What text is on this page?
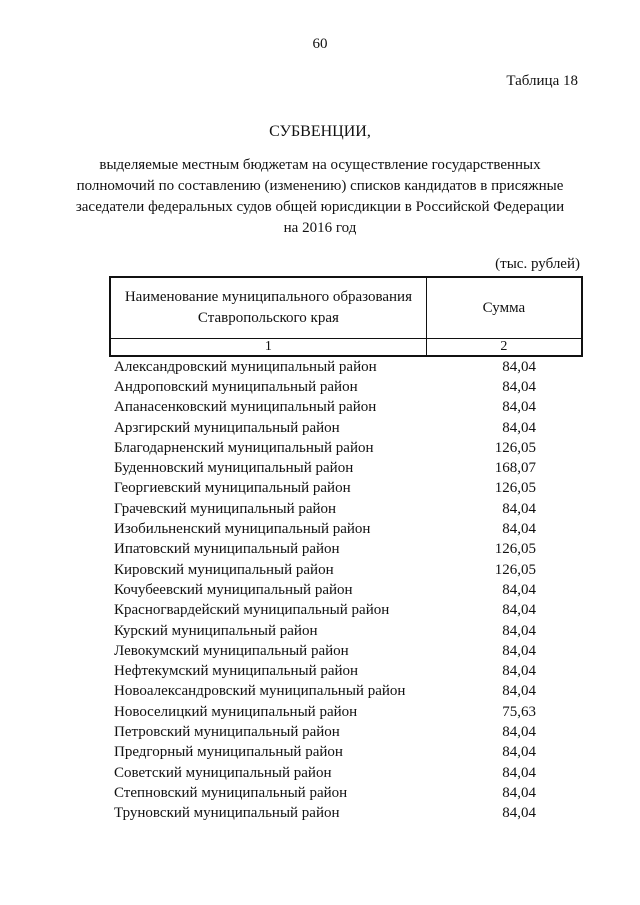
60
Таблица 18
СУБВЕНЦИИ,
выделяемые местным бюджетам на осуществление государственных полномочий по составлению (изменению) списков кандидатов в присяжные заседатели федеральных судов общей юрисдикции в Российской Федерации на 2016 год
(тыс. рублей)
Наименование муниципального образования Ставропольского края	Сумма
1	2
Александровский муниципальный район	84,04
Андроповский муниципальный район	84,04
Апанасенковский муниципальный район	84,04
Арзгирский муниципальный район	84,04
Благодарненский муниципальный район	126,05
Буденновский муниципальный район	168,07
Георгиевский муниципальный район	126,05
Грачевский муниципальный район	84,04
Изобильненский муниципальный район	84,04
Ипатовский муниципальный район	126,05
Кировский муниципальный район	126,05
Кочубеевский муниципальный район	84,04
Красногвардейский муниципальный район	84,04
Курский муниципальный район	84,04
Левокумский муниципальный район	84,04
Нефтекумский муниципальный район	84,04
Новоалександровский муниципальный район	84,04
Новоселицкий муниципальный район	75,63
Петровский муниципальный район	84,04
Предгорный муниципальный район	84,04
Советский муниципальный район	84,04
Степновский муниципальный район	84,04
Труновский муниципальный район	84,04
